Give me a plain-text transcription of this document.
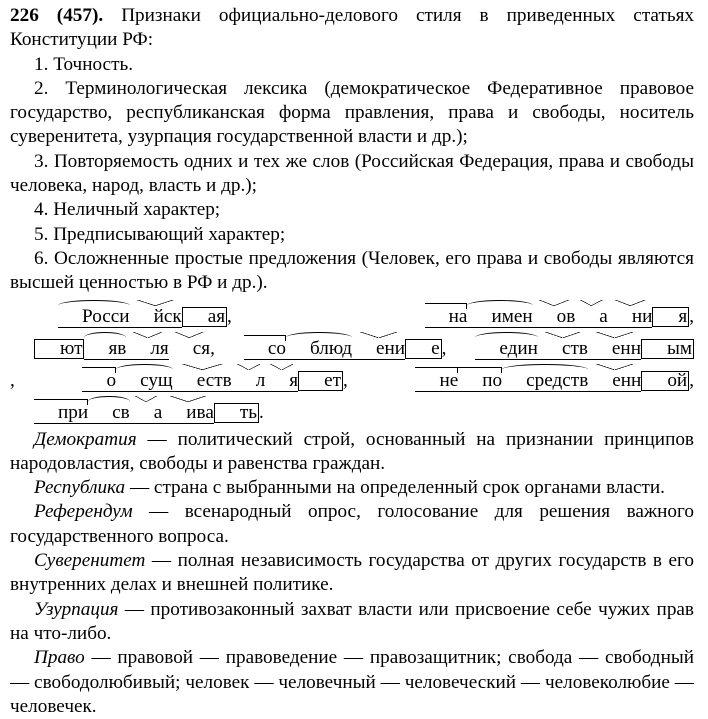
226 (457). Признаки официально-делового стиля в приведенных статьях Конституции РФ:

1. Точность.

2. Терминологическая лексика (демократическое Федеративное правовое государство, республиканская форма правления, права и свободы, носитель суверенитета, узурпация государственной власти и др.);

3. Повторяемость одних и тех же слов (Российская Федерация, права и свободы человека, народ, власть и др.);

4. Неличный характер;

5. Предписывающий характер;

6. Осложненные простые предложения (Человек, его права и свободы являются высшей ценностью в РФ и др.).

Росси йск ая ,	на имен ов а ни я , ют яв ля ся,	со блюд ени е ,	един ств енн ым,	о сущ еств л я ет ,	не по средств енн ой , при св а ива ть .

Демократия — политический строй, основанный на признании принципов народовластия, свободы и равенства граждан.

Республика — страна с выбранными на определенный срок органами власти.

Референдум — всенародный опрос, голосование для решения важного государственного вопроса.

Суверенитет — полная независимость государства от других государств в его внутренних делах и внешней политике.

Узурпация — противозаконный захват власти или присвоение себе чужих прав на что-либо.

Право — правовой — правоведение — правозащитник; свобода — свободный — свободолюбивый; человек — человечный — человеческий — человеколюбие — человечек.
